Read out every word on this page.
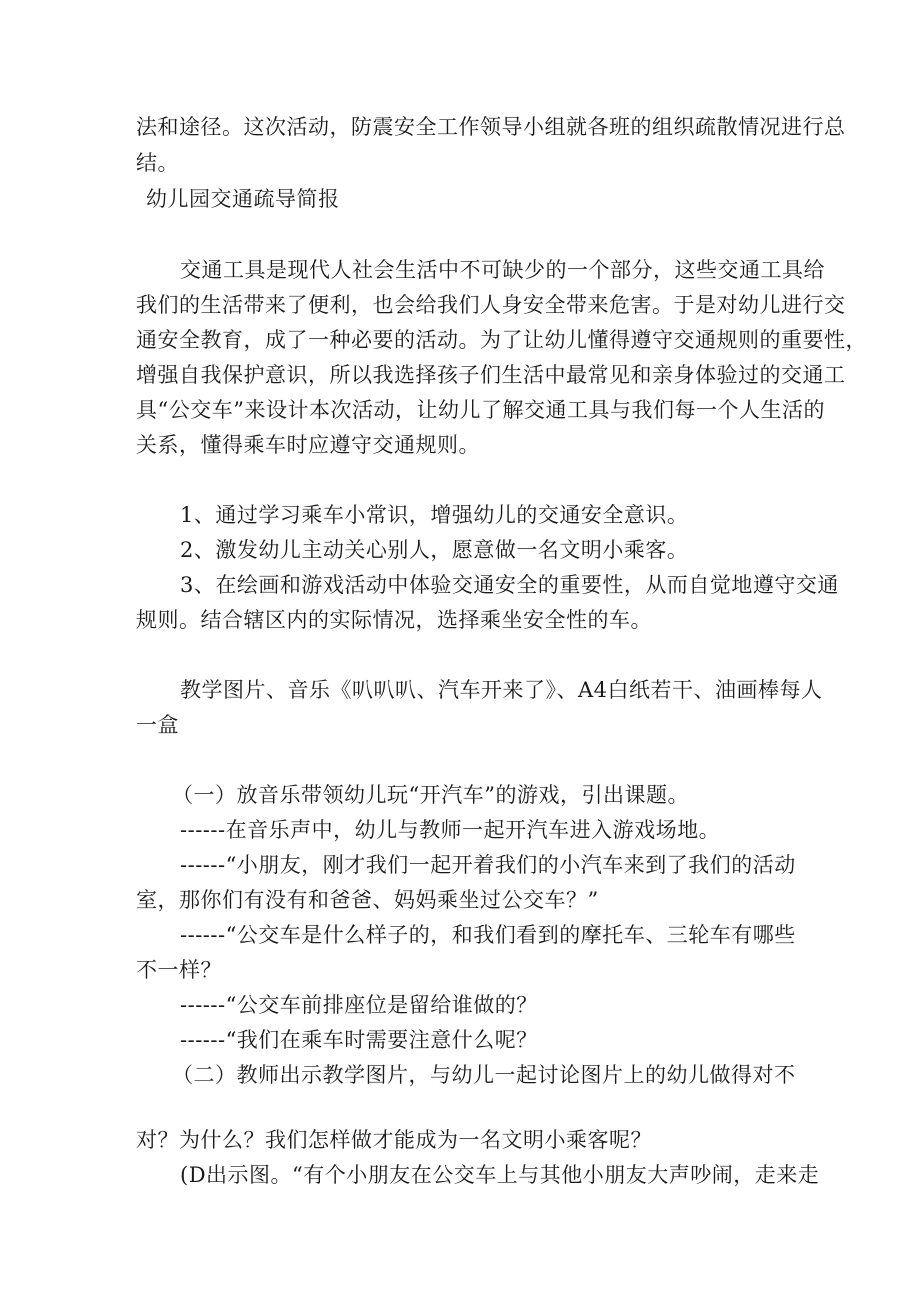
法和途径。这次活动，防震安全工作领导小组就各班的组织疏散情况进行总
结。
幼儿园交通疏导简报
交通工具是现代人社会生活中不可缺少的一个部分，这些交通工具给
我们的生活带来了便利，也会给我们人身安全带来危害。于是对幼儿进行交
通安全教育，成了一种必要的活动。为了让幼儿懂得遵守交通规则的重要性，
增强自我保护意识，所以我选择孩子们生活中最常见和亲身体验过的交通工
具“公交车”来设计本次活动，让幼儿了解交通工具与我们每一个人生活的
关系，懂得乘车时应遵守交通规则。
1、通过学习乘车小常识，增强幼儿的交通安全意识。
2、激发幼儿主动关心别人，愿意做一名文明小乘客。
3、在绘画和游戏活动中体验交通安全的重要性，从而自觉地遵守交通
规则。结合辖区内的实际情况，选择乘坐安全性的车。
教学图片、音乐《叭叭叭、汽车开来了》、A4白纸若干、油画棒每人
一盒
（一）放音乐带领幼儿玩“开汽车”的游戏，引出课题。
------在音乐声中，幼儿与教师一起开汽车进入游戏场地。
------“小朋友，刚才我们一起开着我们的小汽车来到了我们的活动
室，那你们有没有和爸爸、妈妈乘坐过公交车？”
------“公交车是什么样子的，和我们看到的摩托车、三轮车有哪些
不一样？
------“公交车前排座位是留给谁做的？
------“我们在乘车时需要注意什么呢？
（二）教师出示教学图片，与幼儿一起讨论图片上的幼儿做得对不
对？为什么？我们怎样做才能成为一名文明小乘客呢？
(D出示图。“有个小朋友在公交车上与其他小朋友大声吵闹，走来走
